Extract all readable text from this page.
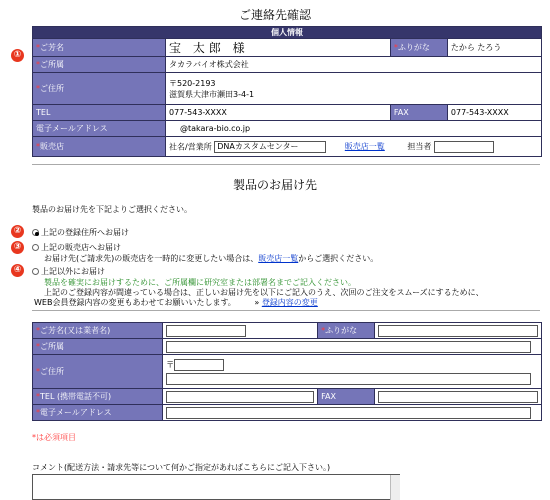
ご連絡先確認
①
個人情報			
*ご芳名	宝 太郎 様	*ふりがな	たから たろう
*ご所属	タカラバイオ株式会社		
*ご住所	〒520-2193
滋賀県大津市瀬田3-4-1		

TEL	077-543-XXXX	FAX	077-543-XXXX
電子メールアドレス	@takara-bio.co.jp		
*販売店	社名/営業所 DNAカスタムセンター 販売店一覧 担当者		
製品のお届け先
製品のお届け先を下記よりご選択ください。
②	上記の登録住所へお届け
③	上記の販売店へお届け
お届け先(ご請求先)の販売店を一時的に変更したい場合は、販売店一覧からご選択ください。
④	上記以外にお届け
製品を確実にお届けするために、ご所属欄に研究室または部署名までご記入ください。
上記のご登録内容が間違っている場合は、正しいお届け先を以下にご記入のうえ、次回のご注文をスムーズにするために、
WEB会員登録内容の変更もあわせてお願いいたします。 » 登録内容の変更
*ご芳名(又は業者名)		*ふりがな	
*ご所属			
*ご住所	〒		

*TEL (携帯電話不可)		FAX	
*電子メールアドレス			
*は必須項目
コメント(配送方法・請求先等について何かご指定があればこちらにご記入下さい。)
